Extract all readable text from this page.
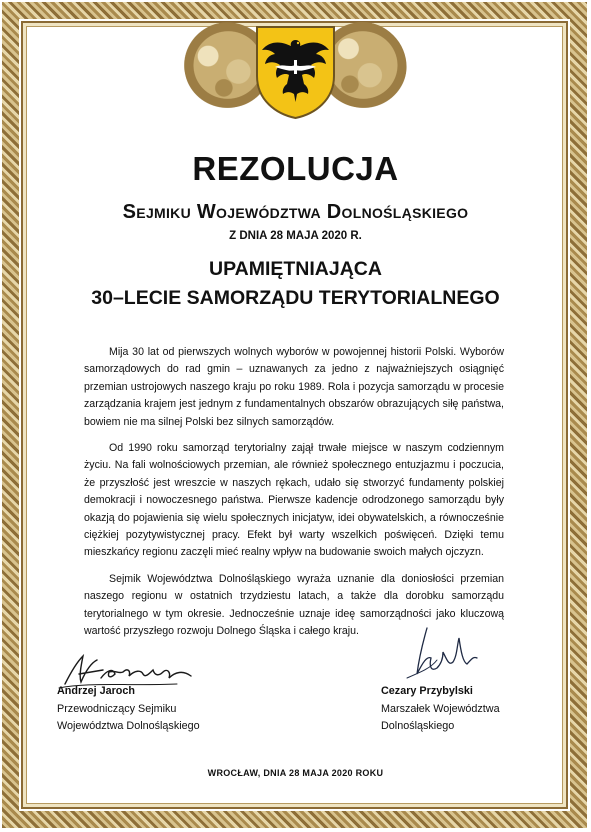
REZOLUCJA
Sejmiku Województwa Dolnośląskiego
Z DNIA 28 MAJA 2020 R.
UPAMIĘTNIAJĄCA
30–LECIE SAMORZĄDU TERYTORIALNEGO

Mija 30 lat od pierwszych wolnych wyborów w powojennej historii Polski. Wyborów samorządowych do rad gmin – uznawanych za jedno z najważniejszych osiągnięć przemian ustrojowych naszego kraju po roku 1989. Rola i pozycja samorządu w procesie zarządzania krajem jest jednym z fundamentalnych obszarów obrazujących siłę państwa, bowiem nie ma silnej Polski bez silnych samorządów.

Od 1990 roku samorząd terytorialny zajął trwałe miejsce w naszym codziennym życiu. Na fali wolnościowych przemian, ale również społecznego entuzjazmu i poczucia, że przyszłość jest wreszcie w naszych rękach, udało się stworzyć fundamenty polskiej demokracji i nowoczesnego państwa. Pierwsze kadencje odrodzonego samorządu były okazją do pojawienia się wielu społecznych inicjatyw, idei obywatelskich, a równocześnie ciężkiej pozytywistycznej pracy. Efekt był warty wszelkich poświęceń. Dzięki temu mieszkańcy regionu zaczęli mieć realny wpływ na budowanie swoich małych ojczyzn.

Sejmik Województwa Dolnośląskiego wyraża uznanie dla doniosłości przemian naszego regionu w ostatnich trzydziestu latach, a także dla dorobku samorządu terytorialnego w tym okresie. Jednocześnie uznaje ideę samorządności jako kluczową wartość przyszłego rozwoju Dolnego Śląska i całego kraju.

Andrzej Jaroch
Przewodniczący Sejmiku
Województwa Dolnośląskiego
Cezary Przybylski
Marszałek Województwa
Dolnośląskiego
WROCŁAW, DNIA 28 MAJA 2020 ROKU
